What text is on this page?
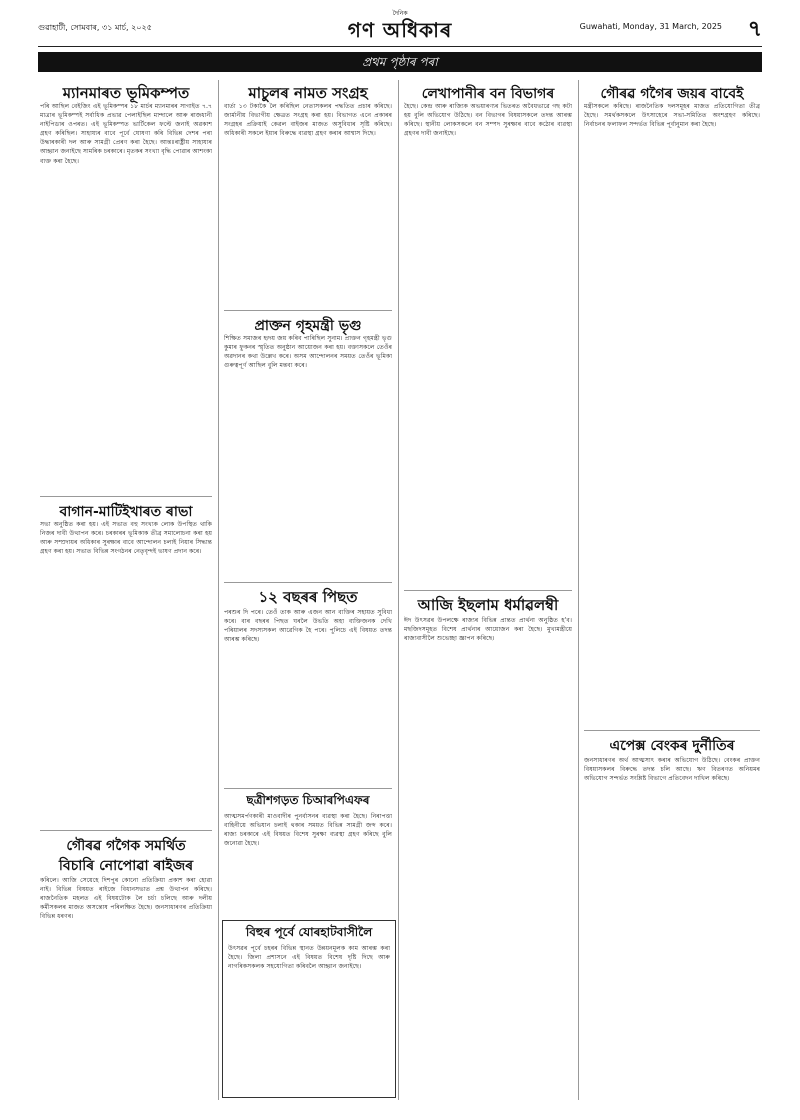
গুৱাহাটী, সোমবাৰ, ৩১ মাৰ্চ, ২০২৫
দৈনিক
গণ অধিকাৰ	Guwahati, Monday, 31 March, 2025 ৭
প্ৰথম পৃষ্ঠাৰ পৰা
ম্যানমাৰত ভূমিকম্পত
পৰি আছিল বেইজিং এই ভূমিকম্পৰ ১৮ মাৰ্চৰ ম্যানমাৰৰ সাগাইত ৭.৭ মাত্ৰাৰ ভূমিকম্পই সৰ্বাধিক প্ৰভাৱ পেলাইছিল মান্দালে আৰু ৰাজধানী নাইপিডাৰ ওপৰত। এই ভূমিকম্পত ভাৰ্টিকেল ফল্টে জনাই অৱকাশ গ্ৰহণ কৰিছিল। সাহায্যৰ বাবে পূৰ্বে ঘোষণা কৰি বিভিন্ন দেশৰ পৰা উদ্ধাৰকাৰী দল আৰু সামগ্ৰী প্ৰেৰণ কৰা হৈছে। আন্তঃৰাষ্ট্ৰীয় সাহায্যৰ আহ্বান জনাইছে সামৰিক চৰকাৰে। মৃতকৰ সংখ্যা বৃদ্ধি পোৱাৰ আশংকা ব্যক্ত কৰা হৈছে।
বাগান-মাটিইখাৰত ৰাভা
সভা অনুষ্ঠিত কৰা হয়। এই সভাত বহু সংখ্যক লোক উপস্থিত থাকি নিজৰ দাবী উত্থাপন কৰে। চৰকাৰৰ ভূমিকাক তীব্ৰ সমালোচনা কৰা হয় আৰু সম্প্ৰদায়ৰ অধিকাৰ সুৰক্ষাৰ বাবে আন্দোলন চলাই নিয়াৰ সিদ্ধান্ত গ্ৰহণ কৰা হয়। সভাত বিভিন্ন সংগঠনৰ নেতৃবৃন্দই ভাষণ প্ৰদান কৰে।
গৌৰৱ গগৈক সমৰ্থিত
বিচাৰি নোপোৱা ৰাইজৰ
কৰিলে। আজি সেয়েহে দিশপুৰ কোনো প্ৰতিক্ৰিয়া প্ৰকাশ কৰা হোৱা নাই। বিভিন্ন বিষয়ত ৰাইজে বিধানসভাত প্ৰশ্ন উত্থাপন কৰিছে। ৰাজনৈতিক মহলত এই বিষয়টোক লৈ চৰ্চা চলিছে আৰু দলীয় কৰ্মীসকলৰ মাজত অসন্তোষ পৰিলক্ষিত হৈছে। জনসাধাৰণৰ প্ৰতিক্ৰিয়া বিভিন্ন ধৰণৰ।
মাচুলৰ নামত সংগ্ৰহ
বাৰ্তা ১৩ টকাকৈ লৈ কৰিছিল নেতাসকলৰ পদ্ধতিত প্ৰচাৰ কৰিছে। জাৰ্মানীয় বিভাগীয় ক্ষেত্ৰত সংগ্ৰহ কৰা হয়। বিভাগত এনে প্ৰকাৰৰ সংগ্ৰহৰ প্ৰক্ৰিয়াই কেৱল বাইজৰ মাজত অসুবিধাৰ সৃষ্টি কৰিছে। অধিকাৰী সকলে ইয়াৰ বিৰুদ্ধে ব্যৱস্থা গ্ৰহণ কৰাৰ আশ্বাস দিছে।
প্ৰাক্তন গৃহমন্ত্ৰী ভৃগু
শিক্ষিত সমাজৰ হৃদয় জয় কৰিব পাৰিছিল সুনাম। প্ৰাক্তন গৃহমন্ত্ৰী ভৃগু কুমাৰ ফুকনৰ স্মৃতিত অনুষ্ঠান আয়োজন কৰা হয়। বক্তাসকলে তেওঁৰ অৱদানৰ কথা উল্লেখ কৰে। অসম আন্দোলনৰ সময়ত তেওঁৰ ভূমিকা গুৰুত্বপূৰ্ণ আছিল বুলি মন্তব্য কৰে।
১২ বছৰৰ পিছত
পৰশুৰ দি পৰে। তেওঁ তাক আৰু এজন আন ব্যক্তিৰ সহায়ত সুবিধা কৰে। বাৰ বছৰৰ পিছত ঘৰলৈ উভতি অহা ব্যক্তিজনক দেখি পৰিয়ালৰ সদস্যসকল আৱেগিক হৈ পৰে। পুলিচে এই বিষয়ত তদন্ত আৰম্ভ কৰিছে।
ছত্ৰীশগড়ত চিআৰপিএফৰ
আত্মসমৰ্পণকাৰী মাওবাদীৰ পুনৰ্বাসনৰ ব্যৱস্থা কৰা হৈছে। নিৰাপত্তা বাহিনীয়ে অভিযান চলাই থকাৰ সময়ত বিভিন্ন সামগ্ৰী জব্দ কৰে। ৰাজ্য চৰকাৰে এই বিষয়ত বিশেষ সুৰক্ষা ব্যৱস্থা গ্ৰহণ কৰিছে বুলি জনোৱা হৈছে।
বিহুৰ পূৰ্বে যোৰহাটবাসীলৈ
উৎসৱৰ পূৰ্বে চহৰৰ বিভিন্ন স্থানত উন্নয়নমূলক কাম আৰম্ভ কৰা হৈছে। জিলা প্ৰশাসনে এই বিষয়ত বিশেষ দৃষ্টি দিছে আৰু নাগৰিকসকলক সহযোগিতা কৰিবলৈ আহ্বান জনাইছে।
লেখাপানীৰ বন বিভাগৰ
হৈছে। কেন্দ্ৰ আৰু ৰাজ্যিক অভয়াৰণ্যৰ ভিতৰত অবৈধভাৱে গছ কটা হয় বুলি অভিযোগ উঠিছে। বন বিভাগৰ বিষয়াসকলে তদন্ত আৰম্ভ কৰিছে। স্থানীয় লোকসকলে বন সম্পদ সুৰক্ষাৰ বাবে কঠোৰ ব্যৱস্থা গ্ৰহণৰ দাবী জনাইছে।
আজি ইছলাম ধৰ্মাৱলম্বী
ঈদ উৎসৱৰ উপলক্ষে ৰাজ্যৰ বিভিন্ন প্ৰান্তত প্ৰাৰ্থনা অনুষ্ঠিত হ'ব। মছজিদসমূহত বিশেষ প্ৰাৰ্থনাৰ আয়োজন কৰা হৈছে। মুখ্যমন্ত্ৰীয়ে ৰাজ্যবাসীলৈ শুভেচ্ছা জ্ঞাপন কৰিছে।
গৌৰৱ গগৈৰ জয়ৰ বাবেই
মন্ত্ৰীসকলে কৰিছে। ৰাজনৈতিক দলসমূহৰ মাজত প্ৰতিযোগিতা তীব্ৰ হৈছে। সমৰ্থকসকলে উৎসাহেৰে সভা-সমিতিত অংশগ্ৰহণ কৰিছে। নিৰ্বাচনৰ ফলাফল সন্দৰ্ভত বিভিন্ন পূৰ্বানুমান কৰা হৈছে।
এপেক্স বেংকৰ দুৰ্নীতিৰ
জনসাধাৰণৰ অৰ্থ আত্মসাৎ কৰাৰ অভিযোগ উঠিছে। বেংকৰ প্ৰাক্তন বিষয়াসকলৰ বিৰুদ্ধে তদন্ত চলি আছে। ঋণ বিতৰণত অনিয়মৰ অভিযোগ সন্দৰ্ভত সংশ্লিষ্ট বিভাগে প্ৰতিবেদন দাখিল কৰিছে।
